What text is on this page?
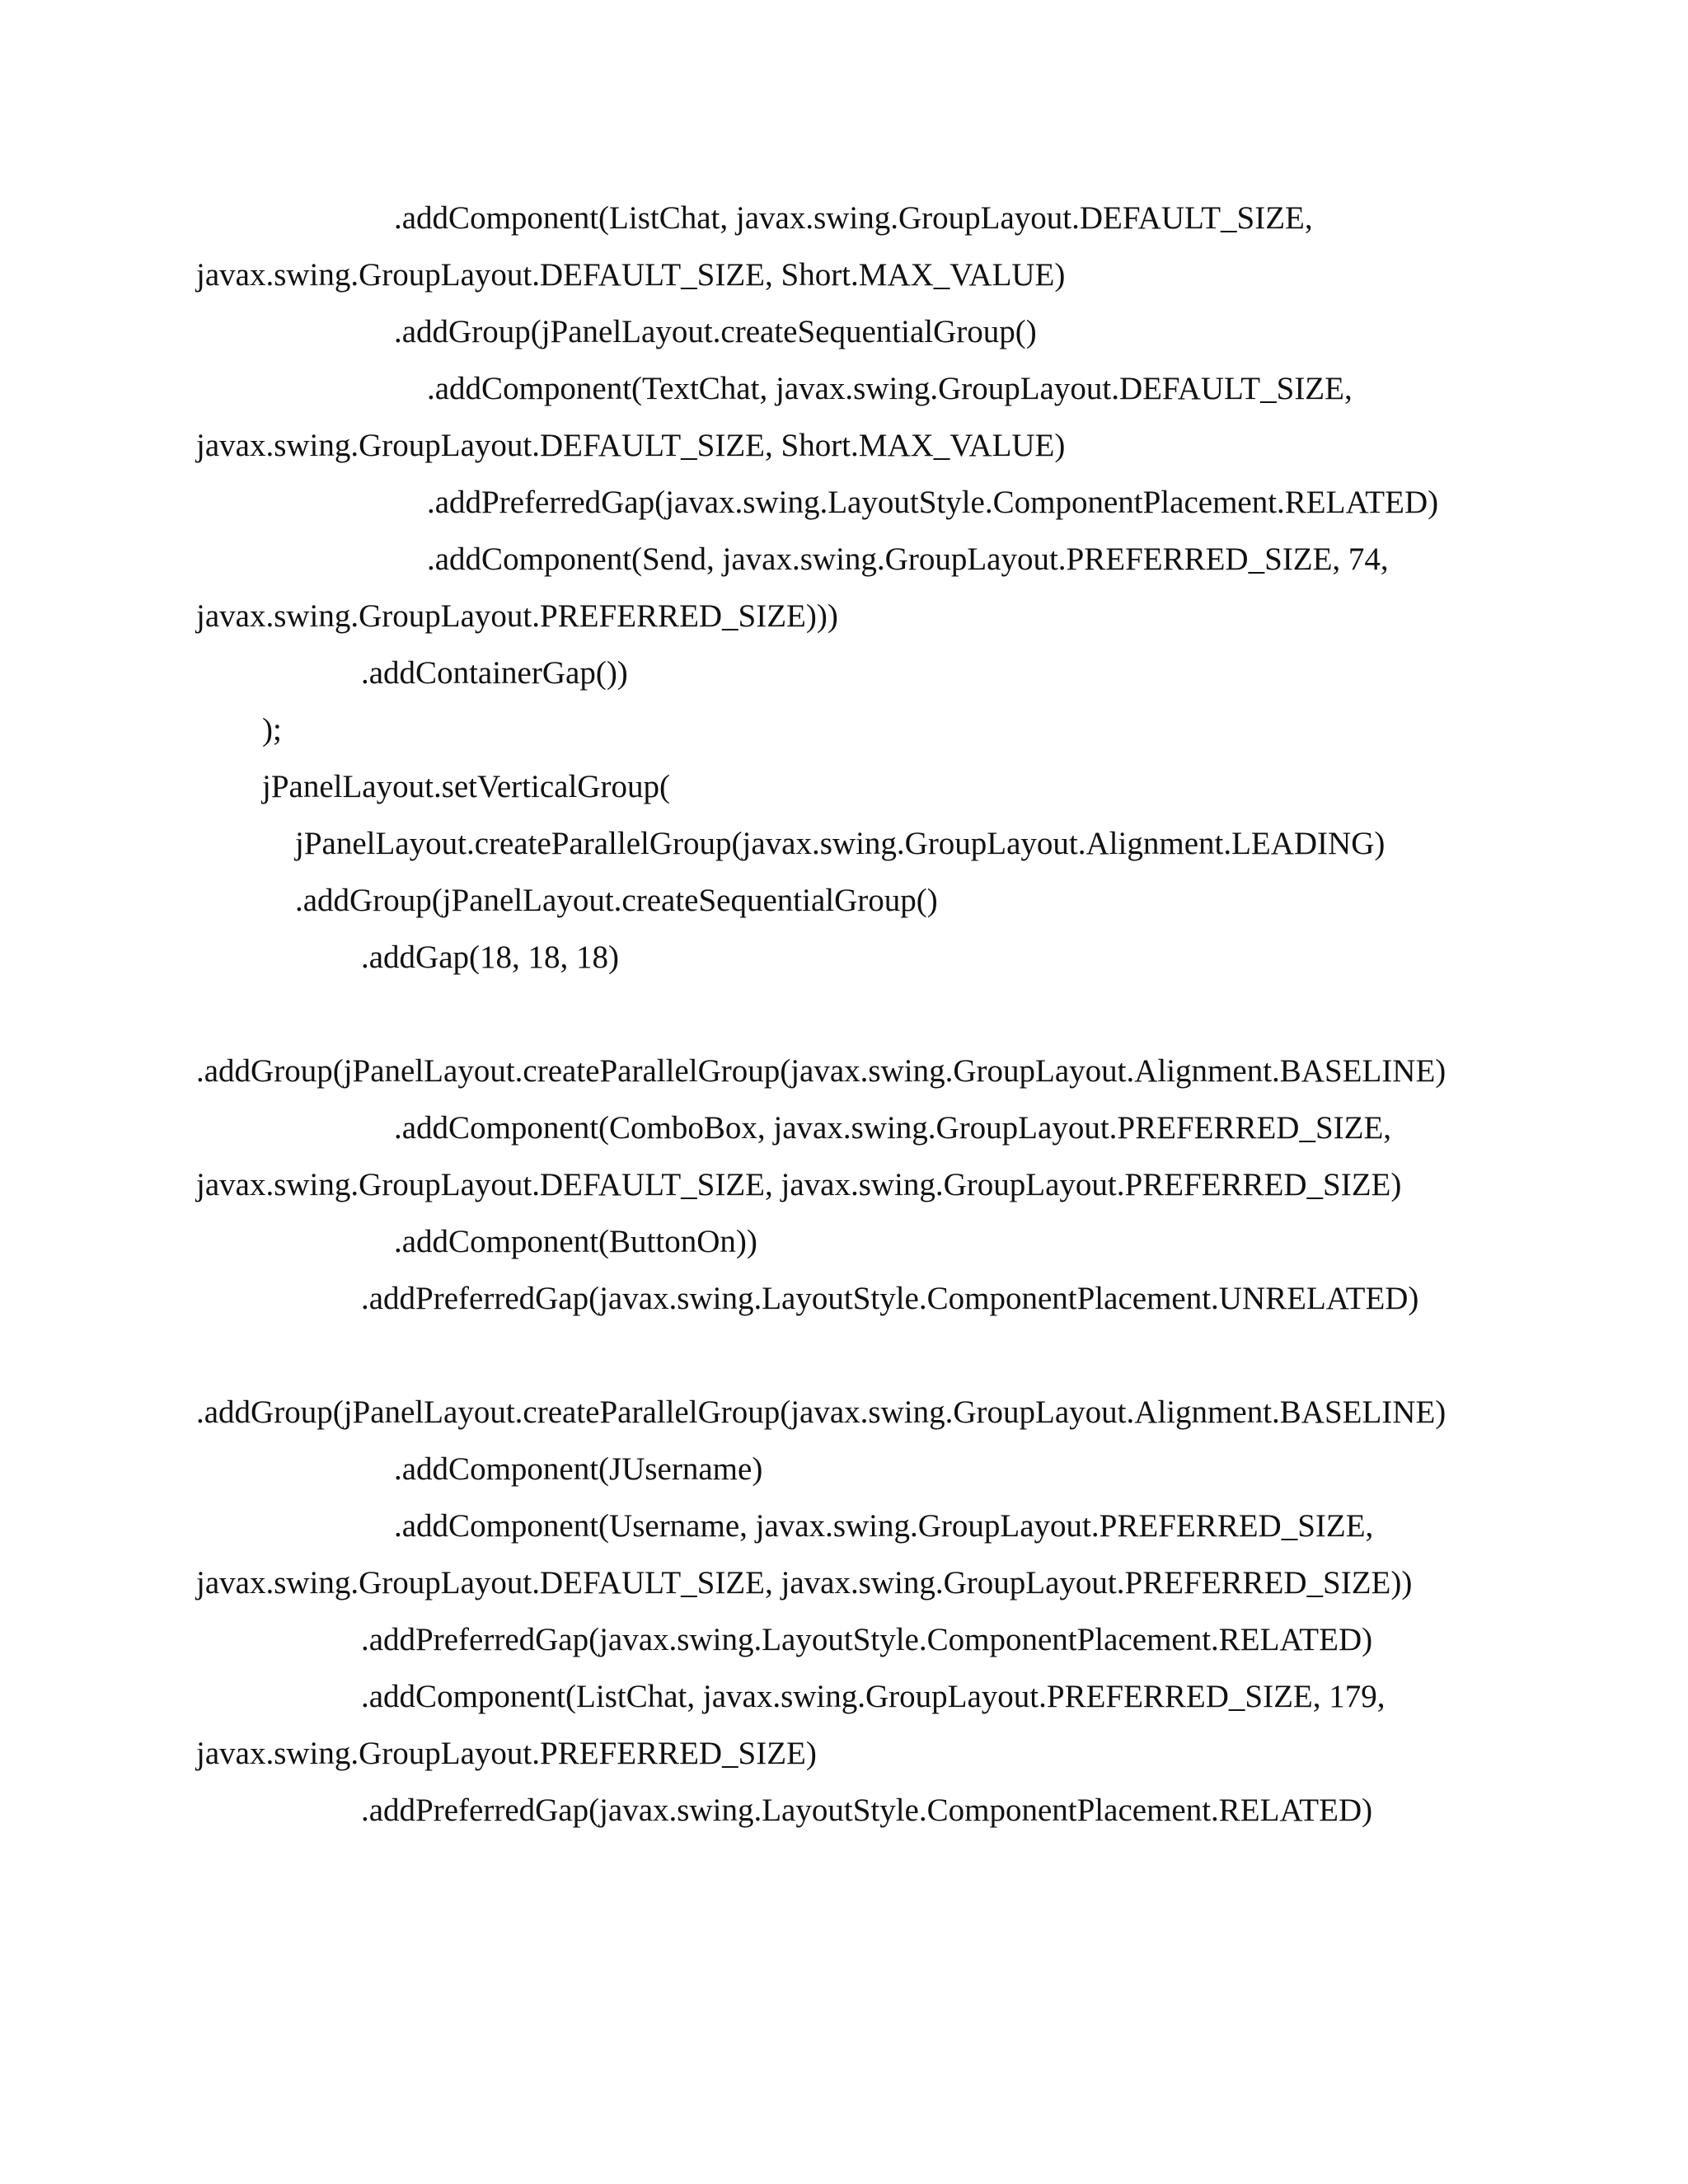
.addComponent(ListChat, javax.swing.GroupLayout.DEFAULT_SIZE,
javax.swing.GroupLayout.DEFAULT_SIZE, Short.MAX_VALUE)
.addGroup(jPanelLayout.createSequentialGroup()
.addComponent(TextChat, javax.swing.GroupLayout.DEFAULT_SIZE,
javax.swing.GroupLayout.DEFAULT_SIZE, Short.MAX_VALUE)
.addPreferredGap(javax.swing.LayoutStyle.ComponentPlacement.RELATED)
.addComponent(Send, javax.swing.GroupLayout.PREFERRED_SIZE, 74,
javax.swing.GroupLayout.PREFERRED_SIZE)))
.addContainerGap())
);
jPanelLayout.setVerticalGroup(
jPanelLayout.createParallelGroup(javax.swing.GroupLayout.Alignment.LEADING)
.addGroup(jPanelLayout.createSequentialGroup()
.addGap(18, 18, 18)
.addGroup(jPanelLayout.createParallelGroup(javax.swing.GroupLayout.Alignment.BASELINE)
.addComponent(ComboBox, javax.swing.GroupLayout.PREFERRED_SIZE,
javax.swing.GroupLayout.DEFAULT_SIZE, javax.swing.GroupLayout.PREFERRED_SIZE)
.addComponent(ButtonOn))
.addPreferredGap(javax.swing.LayoutStyle.ComponentPlacement.UNRELATED)
.addGroup(jPanelLayout.createParallelGroup(javax.swing.GroupLayout.Alignment.BASELINE)
.addComponent(JUsername)
.addComponent(Username, javax.swing.GroupLayout.PREFERRED_SIZE,
javax.swing.GroupLayout.DEFAULT_SIZE, javax.swing.GroupLayout.PREFERRED_SIZE))
.addPreferredGap(javax.swing.LayoutStyle.ComponentPlacement.RELATED)
.addComponent(ListChat, javax.swing.GroupLayout.PREFERRED_SIZE, 179,
javax.swing.GroupLayout.PREFERRED_SIZE)
.addPreferredGap(javax.swing.LayoutStyle.ComponentPlacement.RELATED)
